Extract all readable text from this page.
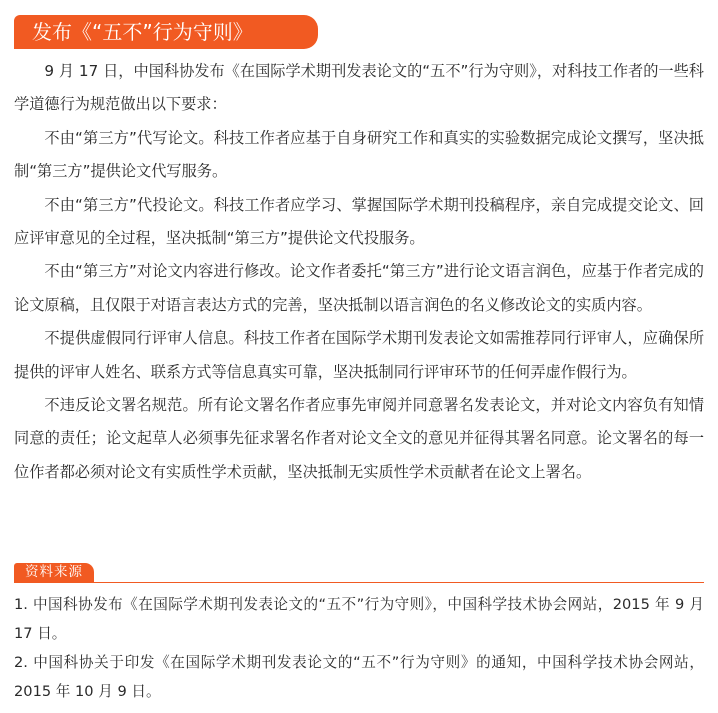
发布《“五不”行为守则》

9 月 17 日，中国科协发布《在国际学术期刊发表论文的“五不”行为守则》，对科技工作者的一些科学道德行为规范做出以下要求：

不由“第三方”代写论文。科技工作者应基于自身研究工作和真实的实验数据完成论文撰写，坚决抵制“第三方”提供论文代写服务。

不由“第三方”代投论文。科技工作者应学习、掌握国际学术期刊投稿程序，亲自完成提交论文、回应评审意见的全过程，坚决抵制“第三方”提供论文代投服务。

不由“第三方”对论文内容进行修改。论文作者委托“第三方”进行论文语言润色，应基于作者完成的论文原稿，且仅限于对语言表达方式的完善，坚决抵制以语言润色的名义修改论文的实质内容。

不提供虚假同行评审人信息。科技工作者在国际学术期刊发表论文如需推荐同行评审人，应确保所提供的评审人姓名、联系方式等信息真实可靠，坚决抵制同行评审环节的任何弄虚作假行为。

不违反论文署名规范。所有论文署名作者应事先审阅并同意署名发表论文，并对论文内容负有知情同意的责任；论文起草人必须事先征求署名作者对论文全文的意见并征得其署名同意。论文署名的每一位作者都必须对论文有实质性学术贡献，坚决抵制无实质性学术贡献者在论文上署名。

资料来源
1. 中国科协发布《在国际学术期刊发表论文的“五不”行为守则》，中国科学技术协会网站，2015 年 9 月 17 日。
2. 中国科协关于印发《在国际学术期刊发表论文的“五不”行为守则》的通知，中国科学技术协会网站，2015 年 10 月 9 日。
